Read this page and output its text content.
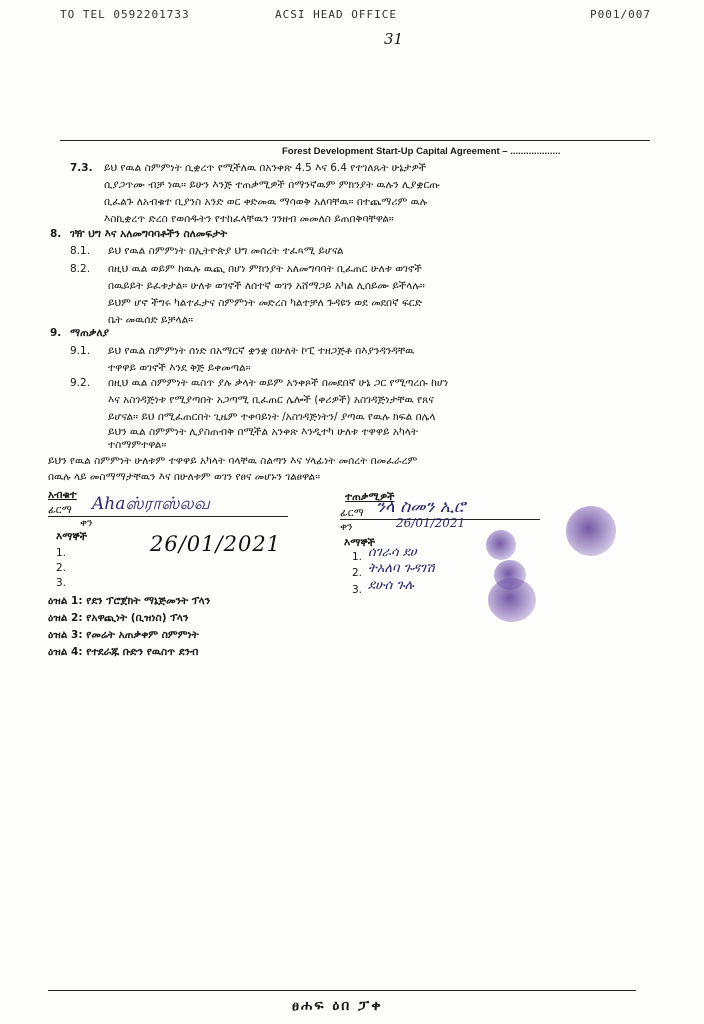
TO TEL 0592201733	ACSI HEAD OFFICE	P001/007
31
Forest Development Start-Up Capital Agreement – ...................
7.3. ይህ የዉል ስምምነት ሲቋረጥ የሚችለዉ በአንቀጽ 4.5 እና 6.4 የተገለጹት ሁኔታዎች
ሲያጋጥሙ ብቻ ነዉ። ይሁን እንጅ ተጠቃሚዎች በማንኛዉም ምክንያት ዉሉን ሊያቋርጡ
ቢፈልጉ ለአብቁተ ቢያንስ አንድ ወር ቀድመዉ ማሳወቅ አለባቸዉ። በተጨማሪም ዉሉ
እስኪቋረጥ ድረስ የወሰዱትን የተከፈላቸዉን ገንዘብ መመለስ ይጠበቅባቸዋል።
8. ገዥ ህግ እና አለመግባባቶችን ስለመፍታት
8.1. ይህ የዉል ስምምነት በኢትዮጵያ ህግ መሰረት ተፈጻሚ ይሆናል
8.2. በዚህ ዉል ወይም ከዉሉ ዉጪ በሆነ ምክንያት አለመግባባት ቢፈጠር ሁለቱ ወገኖች
በዉይይት ይፈቱታል። ሁለቱ ወገኖች ለሰተኛ ወገን አሸማጋይ አካል ሊሰይሙ ይችላሉ።
ይህም ሆኖ ችግሩ ካልተፈታና ስምምነት መድረስ ካልተቻለ ጉዳዩን ወደ መደበኛ ፍርድ
ቤት መዉሰድ ይቻላል።
9. ማጠቃለያ
9.1. ይህ የዉል ስምምነት ሰነድ በአማርኛ ቋንቋ በሁለት ኮፒ ተዘጋጅቶ በእያንዳንዳቸዉ
ተዋዋይ ወገኖች እንደ ቅጅ ይቀመጣል።
9.2. በዚህ ዉል ስምምነት ዉስጥ ያሉ ቃላት ወይም አንቀጾች በመደበኛ ሁኔ ጋር የሚጣረሱ ከሆነ
እና አስገዳጅነቱ የሚያጣበት አጋጣሚ ቢፈጠር ሌሎች (ቀሪዎች) አስገዳጅነታቸዉ የጸና
ይሆናል። ይህ በሚፈጠርበት ጊዜም ተቀባይነት /አስገዳጅነትን/ ያጣዉ የዉሉ ክፍል በሌላ
ይህን ዉል ስምምነት ሊያስጠብቅ በሚችል አንቀጽ እንዲተካ ሁለቱ ተዋዋይ አካላት
ተስማምተዋል።
ይህን የዉል ስምምነት ሁለቱም ተዋዋይ አካላት ባላቸዉ ስልጣን እና ሃላፊነት መሰረት በመፈራረም
በዉሉ ላይ መስማማታቸዉን እና በሁለቱም ወገን የፀና መሆኑን ገልፀዋል።
አብቁተ
ፊርማ Ahaஸ்ராஸ்லவ
ቀን
እማኞች	26/01/2021
1.
2.
3.
ተጠቃሚዎች
ፊርማ ንላ ስመን ኢሮ
ቀን	26/01/2021
እማኞች
1. ሰገራሳ ደሀ
2. ትአለባ ጉዳገሽ
3. ደሁሰ ጉሉ
ዕዝል 1: የደን ፕሮጀክት ማኔጅመንት ፕላን
ዕዝል 2: የአዋጪነት (ቢዝነስ) ፕላን
ዕዝል 3: የመሬት አጠቃቀም ስምምነት
ዕዝል 4: የተደራጁ ቡድን የዉስጥ ደንብ
ፀሐፍ ዕበ ፓቀ
